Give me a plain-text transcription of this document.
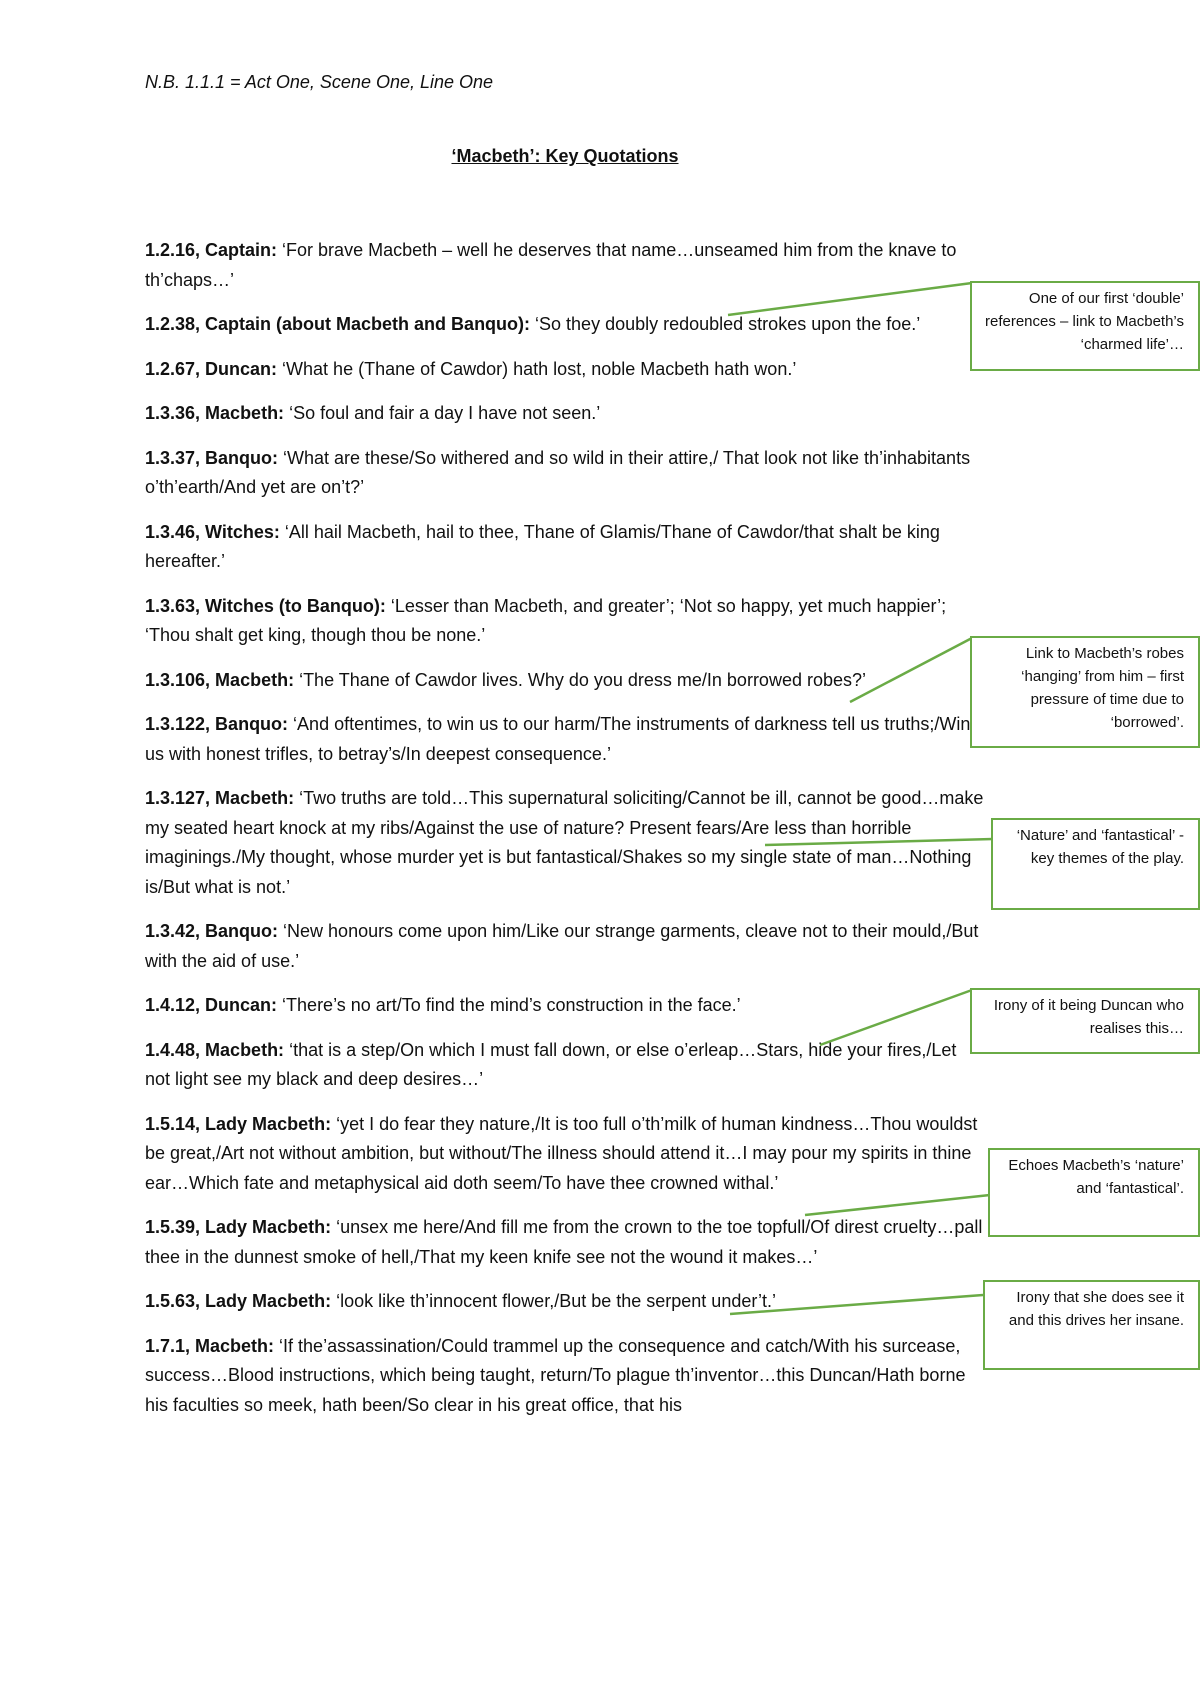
N.B. 1.1.1 = Act One, Scene One, Line One
‘Macbeth’: Key Quotations

1.2.16, Captain: ‘For brave Macbeth – well he deserves that name…unseamed him from the knave to th’chaps…’

1.2.38, Captain (about Macbeth and Banquo): ‘So they doubly redoubled strokes upon the foe.’

1.2.67, Duncan: ‘What he (Thane of Cawdor) hath lost, noble Macbeth hath won.’

1.3.36, Macbeth: ‘So foul and fair a day I have not seen.’

1.3.37, Banquo: ‘What are these/So withered and so wild in their attire,/ That look not like th’inhabitants o’th’earth/And yet are on’t?’

1.3.46, Witches: ‘All hail Macbeth, hail to thee, Thane of Glamis/Thane of Cawdor/that shalt be king hereafter.’

1.3.63, Witches (to Banquo): ‘Lesser than Macbeth, and greater’; ‘Not so happy, yet much happier’; ‘Thou shalt get king, though thou be none.’

1.3.106, Macbeth: ‘The Thane of Cawdor lives. Why do you dress me/In borrowed robes?’

1.3.122, Banquo: ‘And oftentimes, to win us to our harm/The instruments of darkness tell us truths;/Win us with honest trifles, to betray’s/In deepest consequence.’

1.3.127, Macbeth: ‘Two truths are told…This supernatural soliciting/Cannot be ill, cannot be good…make my seated heart knock at my ribs/Against the use of nature? Present fears/Are less than horrible imaginings./My thought, whose murder yet is but fantastical/Shakes so my single state of man…Nothing is/But what is not.’

1.3.42, Banquo: ‘New honours come upon him/Like our strange garments, cleave not to their mould,/But with the aid of use.’

1.4.12, Duncan: ‘There’s no art/To find the mind’s construction in the face.’

1.4.48, Macbeth: ‘that is a step/On which I must fall down, or else o’erleap…Stars, hide your fires,/Let not light see my black and deep desires…’

1.5.14, Lady Macbeth: ‘yet I do fear they nature,/It is too full o’th’milk of human kindness…Thou wouldst be great,/Art not without ambition, but without/The illness should attend it…I may pour my spirits in thine ear…Which fate and metaphysical aid doth seem/To have thee crowned withal.’

1.5.39, Lady Macbeth: ‘unsex me here/And fill me from the crown to the toe topfull/Of direst cruelty…pall thee in the dunnest smoke of hell,/That my keen knife see not the wound it makes…’

1.5.63, Lady Macbeth: ‘look like th’innocent flower,/But be the serpent under’t.’

1.7.1, Macbeth: ‘If the’assassination/Could trammel up the consequence and catch/With his surcease, success…Blood instructions, which being taught, return/To plague th’inventor…this Duncan/Hath borne his faculties so meek, hath been/So clear in his great office, that his

One of our first ‘double’ references – link to Macbeth’s ‘charmed life’…
Link to Macbeth’s robes ‘hanging’ from him – first pressure of time due to ‘borrowed’.
‘Nature’ and ‘fantastical’ - key themes of the play.
Irony of it being Duncan who realises this…
Echoes Macbeth’s ‘nature’ and ‘fantastical’.
Irony that she does see it and this drives her insane.
